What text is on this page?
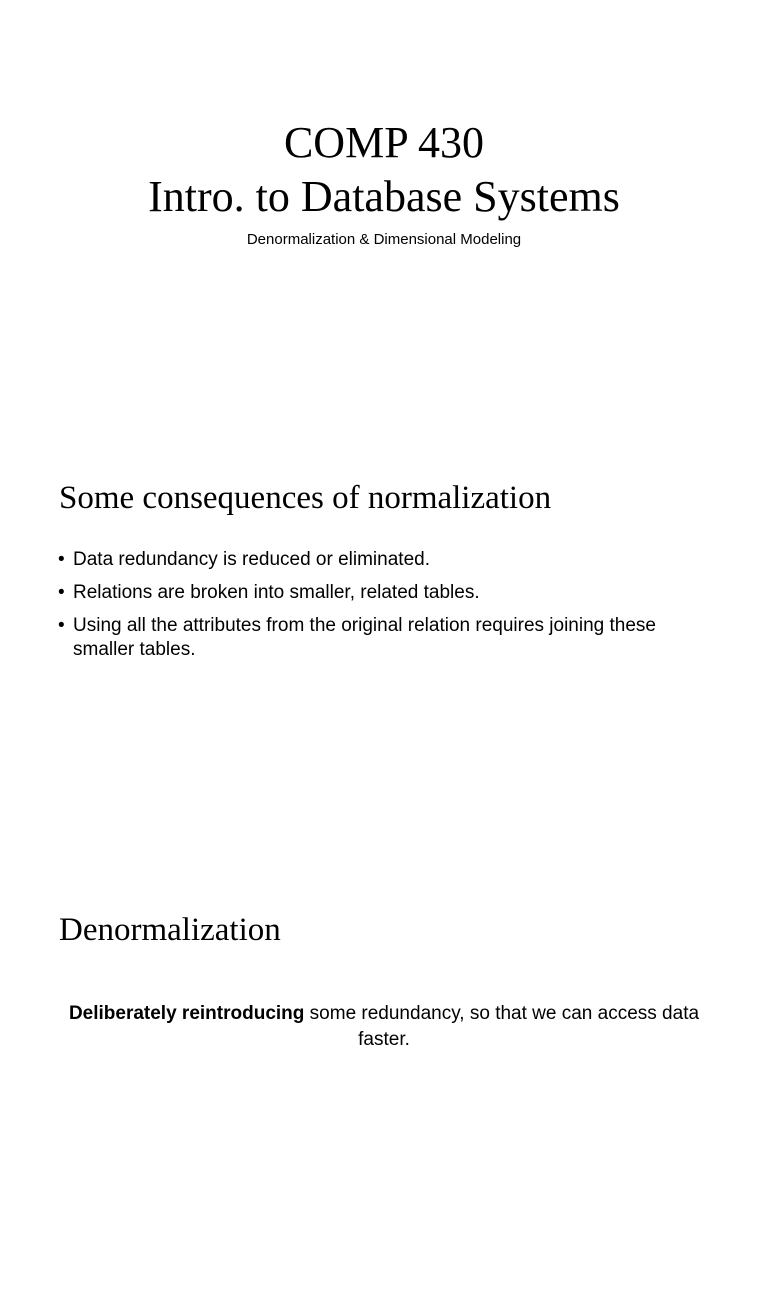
COMP 430
Intro. to Database Systems
Denormalization & Dimensional Modeling
Some consequences of normalization
• Data redundancy is reduced or eliminated.
• Relations are broken into smaller, related tables.
• Using all the attributes from the original relation requires joining these smaller tables.
Denormalization

Deliberately reintroducing some redundancy, so that we can access data faster.
